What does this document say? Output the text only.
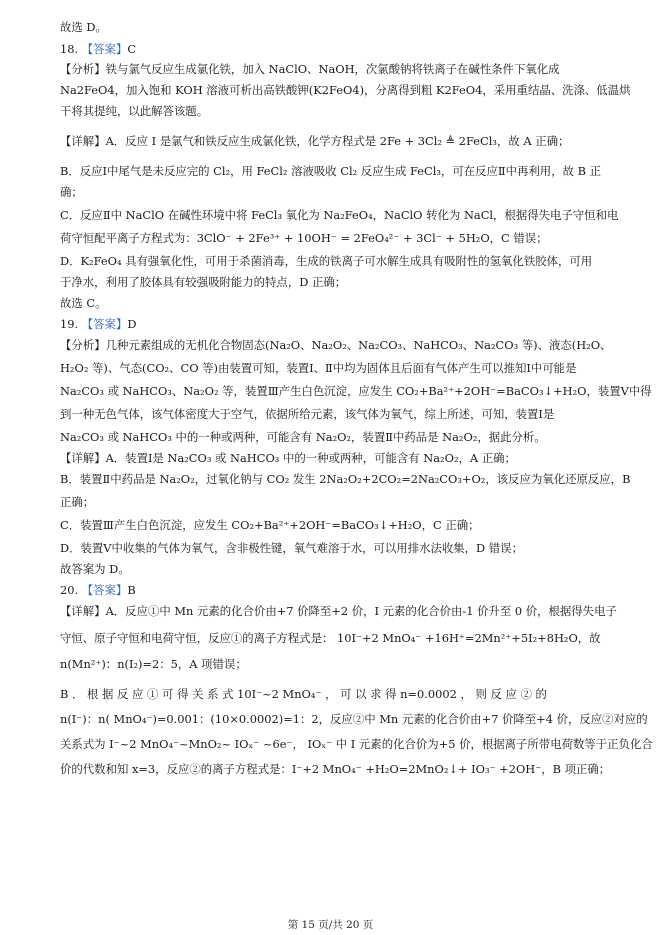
故选 D。

18. 【答案】C

【分析】铁与氯气反应生成氯化铁，加入 NaClO、NaOH，次氯酸钠将铁离子在碱性条件下氧化成

Na2FeO4，加入饱和 KOH 溶液可析出高铁酸钾(K2FeO4)，分离得到粗 K2FeO4，采用重结晶、洗涤、低温烘

干将其提纯，以此解答该题。

【详解】A．反应 I 是氯气和铁反应生成氯化铁，化学方程式是 2Fe + 3Cl₂ ≜ 2FeCl₃，故 A 正确；

B．反应Ⅰ中尾气是未反应完的 Cl₂，用 FeCl₂ 溶液吸收 Cl₂ 反应生成 FeCl₃，可在反应Ⅱ中再利用，故 B 正

确；

C．反应Ⅱ中 NaClO 在碱性环境中将 FeCl₃ 氧化为 Na₂FeO₄，NaClO 转化为 NaCl，根据得失电子守恒和电

荷守恒配平离子方程式为：3ClO⁻ + 2Fe³⁺ + 10OH⁻ = 2FeO₄²⁻ + 3Cl⁻ + 5H₂O，C 错误；

D．K₂FeO₄ 具有强氧化性，可用于杀菌消毒，生成的铁离子可水解生成具有吸附性的氢氧化铁胶体，可用

于净水，利用了胶体具有较强吸附能力的特点，D 正确；

故选 C。

19. 【答案】D

【分析】几种元素组成的无机化合物固态(Na₂O、Na₂O₂、Na₂CO₃、NaHCO₃、Na₂CO₃ 等)、液态(H₂O、

H₂O₂ 等)、气态(CO₂、CO 等)由装置可知，装置Ⅰ、Ⅱ中均为固体且后面有气体产生可以推知Ⅰ中可能是

Na₂CO₃ 或 NaHCO₃、Na₂O₂ 等，装置Ⅲ产生白色沉淀，应发生 CO₂+Ba²⁺+2OH⁻=BaCO₃↓+H₂O，装置Ⅴ中得

到一种无色气体，该气体密度大于空气，依据所给元素，该气体为氧气，综上所述，可知，装置Ⅰ是

Na₂CO₃ 或 NaHCO₃ 中的一种或两种，可能含有 Na₂O₂，装置Ⅱ中药品是 Na₂O₂，据此分析。

【详解】A．装置Ⅰ是 Na₂CO₃ 或 NaHCO₃ 中的一种或两种，可能含有 Na₂O₂，A 正确；

B．装置Ⅱ中药品是 Na₂O₂，过氧化钠与 CO₂ 发生 2Na₂O₂+2CO₂=2Na₂CO₃+O₂，该反应为氧化还原反应，B

正确；

C．装置Ⅲ产生白色沉淀，应发生 CO₂+Ba²⁺+2OH⁻=BaCO₃↓+H₂O，C 正确；

D．装置Ⅴ中收集的气体为氧气，含非极性键，氧气难溶于水，可以用排水法收集，D 错误；

故答案为 D。

20. 【答案】B

【详解】A．反应①中 Mn 元素的化合价由+7 价降至+2 价，I 元素的化合价由-1 价升至 0 价，根据得失电子

守恒、原子守恒和电荷守恒，反应①的离子方程式是： 10I⁻+2 MnO₄⁻ +16H⁺=2Mn²⁺+5I₂+8H₂O，故

n(Mn²⁺)：n(I₂)=2：5，A 项错误；

B ． 根 据 反 应 ① 可 得 关 系 式 10I⁻~2 MnO₄⁻ ， 可 以 求 得 n=0.0002 ， 则 反 应 ② 的

n(I⁻)：n( MnO₄⁻)=0.001：(10×0.0002)=1：2，反应②中 Mn 元素的化合价由+7 价降至+4 价，反应②对应的

关系式为 I⁻~2 MnO₄⁻~MnO₂~ IOₓ⁻ ~6e⁻， IOₓ⁻ 中 I 元素的化合价为+5 价，根据离子所带电荷数等于正负化合

价的代数和知 x=3，反应②的离子方程式是：I⁻+2 MnO₄⁻ +H₂O=2MnO₂↓+ IO₃⁻ +2OH⁻，B 项正确；

第 15 页/共 20 页
